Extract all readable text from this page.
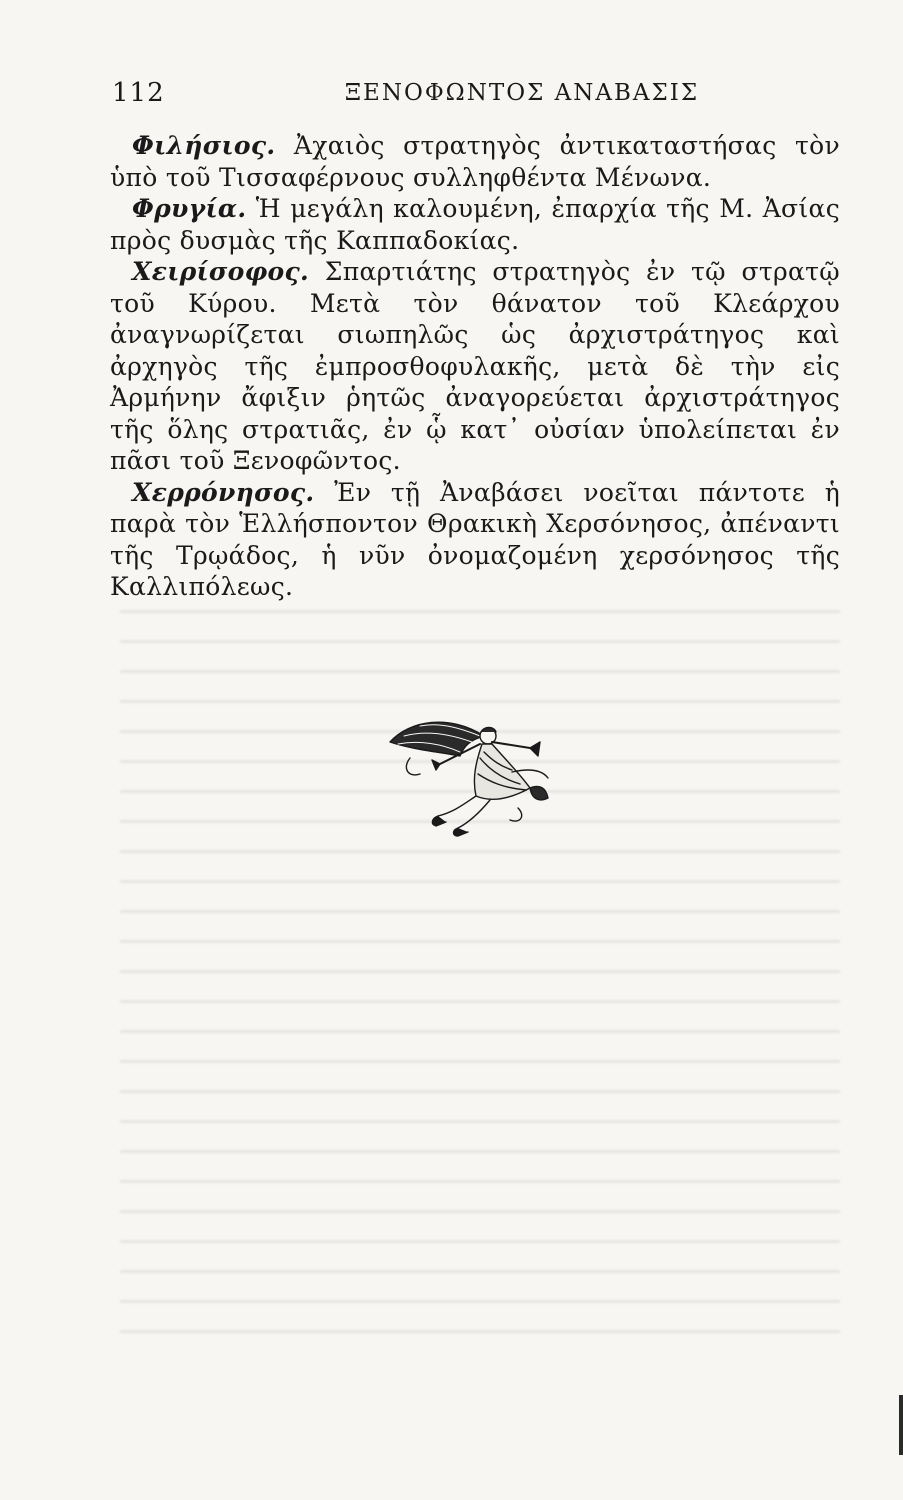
112	ΞΕΝΟΦΩΝΤΟΣ ΑΝΑΒΑΣΙΣ

Φιλήσιος. Ἀχαιὸς στρατηγὸς ἀντικαταστήσας τὸν ὑπὸ τοῦ Τισσαφέρνους συλληφθέντα Μένωνα.

Φρυγία. Ἡ μεγάλη καλουμένη, ἐπαρχία τῆς Μ. Ἀσίας πρὸς δυσμὰς τῆς Καππαδοκίας.

Χειρίσοφος. Σπαρτιάτης στρατηγὸς ἐν τῷ στρατῷ τοῦ Κύρου. Μετὰ τὸν θάνατον τοῦ Κλεάρχου ἀναγνωρίζεται σιωπηλῶς ὡς ἀρχιστράτηγος καὶ ἀρχηγὸς τῆς ἐμπροσθοφυλακῆς, μετὰ δὲ τὴν εἰς Ἀρμήνην ἄφιξιν ῥητῶς ἀναγορεύεται ἀρχιστράτηγος τῆς ὅλης στρατιᾶς, ἐν ᾧ κατ᾽ οὐσίαν ὑπολείπεται ἐν πᾶσι τοῦ Ξενοφῶντος.

Χερρόνησος. Ἐν τῇ Ἀναβάσει νοεῖται πάντοτε ἡ παρὰ τὸν Ἑλλήσποντον Θρακικὴ Χερσόνησος, ἀπέναντι τῆς Τρῳάδος, ἡ νῦν ὀνομαζομένη χερσόνησος τῆς Καλλιπόλεως.
